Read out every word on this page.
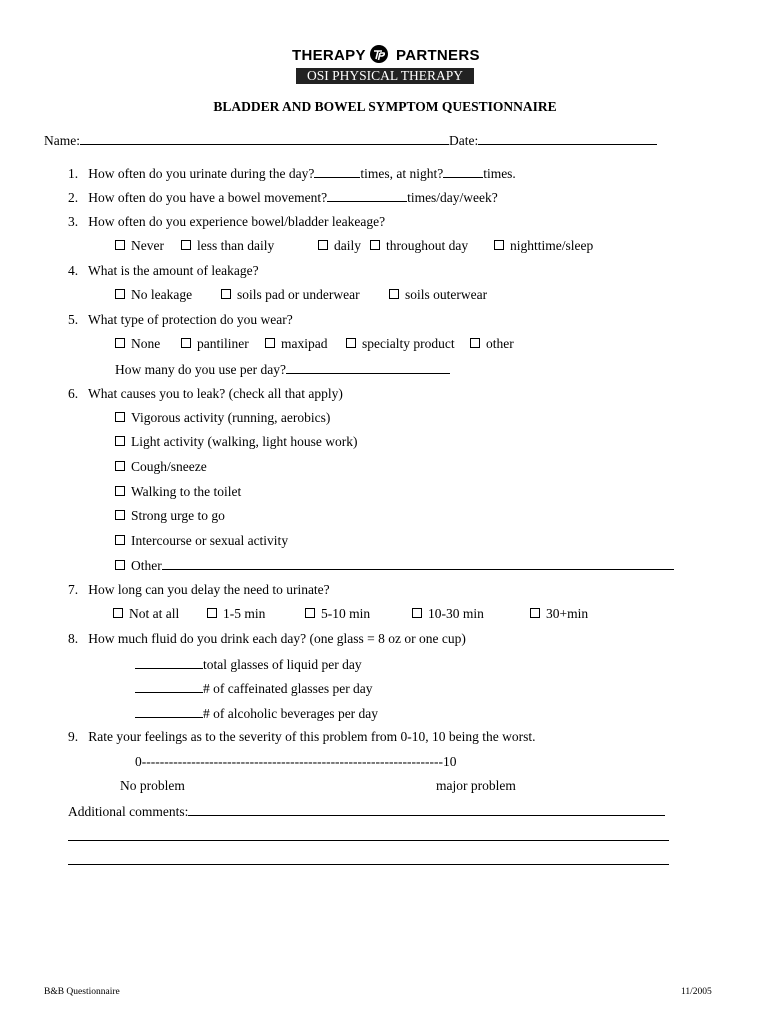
THERAPY PARTNERS
OSI PHYSICAL THERAPY
BLADDER AND BOWEL SYMPTOM QUESTIONNAIRE
Name:	Date:
1. How often do you urinate during the day?	times, at night?	times.
2. How often do you have a bowel movement?	times/day/week?
3. How often do you experience bowel/bladder leakeage?
Never	less than daily	daily	throughout day	nighttime/sleep
4. What is the amount of leakage?
No leakage	soils pad or underwear	soils outerwear
5. What type of protection do you wear?
None	pantiliner	maxipad	specialty product	other
How many do you use per day?
6. What causes you to leak? (check all that apply)
Vigorous activity (running, aerobics)
Light activity (walking, light house work)
Cough/sneeze
Walking to the toilet
Strong urge to go
Intercourse or sexual activity
Other
7. How long can you delay the need to urinate?
Not at all	1-5 min	5-10 min	10-30 min	30+min
8. How much fluid do you drink each day? (one glass = 8 oz or one cup)
total glasses of liquid per day
# of caffeinated glasses per day
# of alcoholic beverages per day
9. Rate your feelings as to the severity of this problem from 0-10, 10 being the worst.
0-------------------------------------------------------------------10
No problem	major problem
Additional comments:
B&B Questionnaire	11/2005
